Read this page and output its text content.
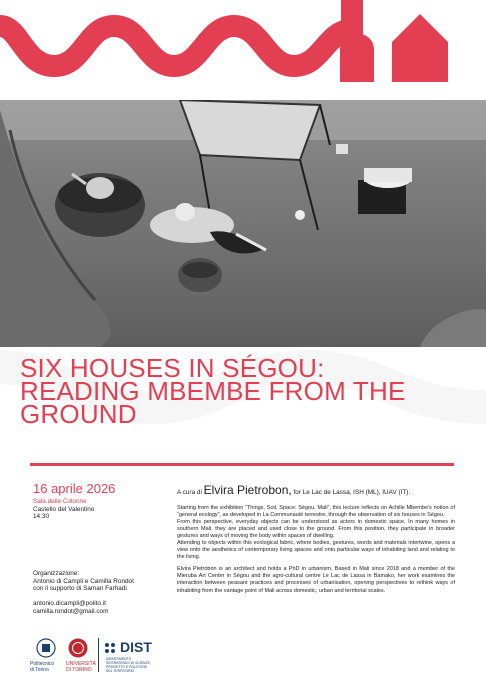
SIX HOUSES IN SÉGOU:
READING MBEMBE FROM THE
GROUND
16 aprile 2026
Sala delle Colonne
Castello del Valentino
14:30
Organizzazione:
Antonio di Campli e Camilla Rondot
con il supporto di Saman Farhadi

antonio.dicampli@polito.it
camilla.rondot@gmail.com
A cura di Elvira Pietrobon, for Le Lac de Lassa, ISH (ML), IUAV (IT).

Starting from the exhibition “Things, Soil, Space: Ségou, Mali”, this lecture reflects on Achille Mbembe's notion of “general ecology”, as developed in La Communauté terrestre, through the observation of six houses in Ségou.
From this perspective, everyday objects can be understood as actors in domestic space. In many homes in southern Mali, they are placed and used close to the ground. From this position, they participate in broader gestures and ways of moving the body within spaces of dwelling.
Attending to objects within this ecological fabric, where bodies, gestures, words and materials intertwine, opens a view onto the aesthetics of contemporary living spaces and onto particular ways of inhabiting land and relating to the living.

Elvira Pietrobon is an architect and holds a PhD in urbanism. Based in Mali since 2018 and a member of the Mieruba Art Center in Ségou and the agro-cultural centre Le Lac de Lassa in Bamako, her work examines the interaction between peasant practices and processes of urbanisation, opening perspectives to rethink ways of inhabiting from the vantage point of Mali across domestic, urban and territorial scales.

Politecnico
di Torino
UNIVERSITÀ
DI TORINO
DIST
DIPARTIMENTO
INTERATENEO DI SCIENZE,
PROGETTO E POLITICHE
DEL TERRITORIO
